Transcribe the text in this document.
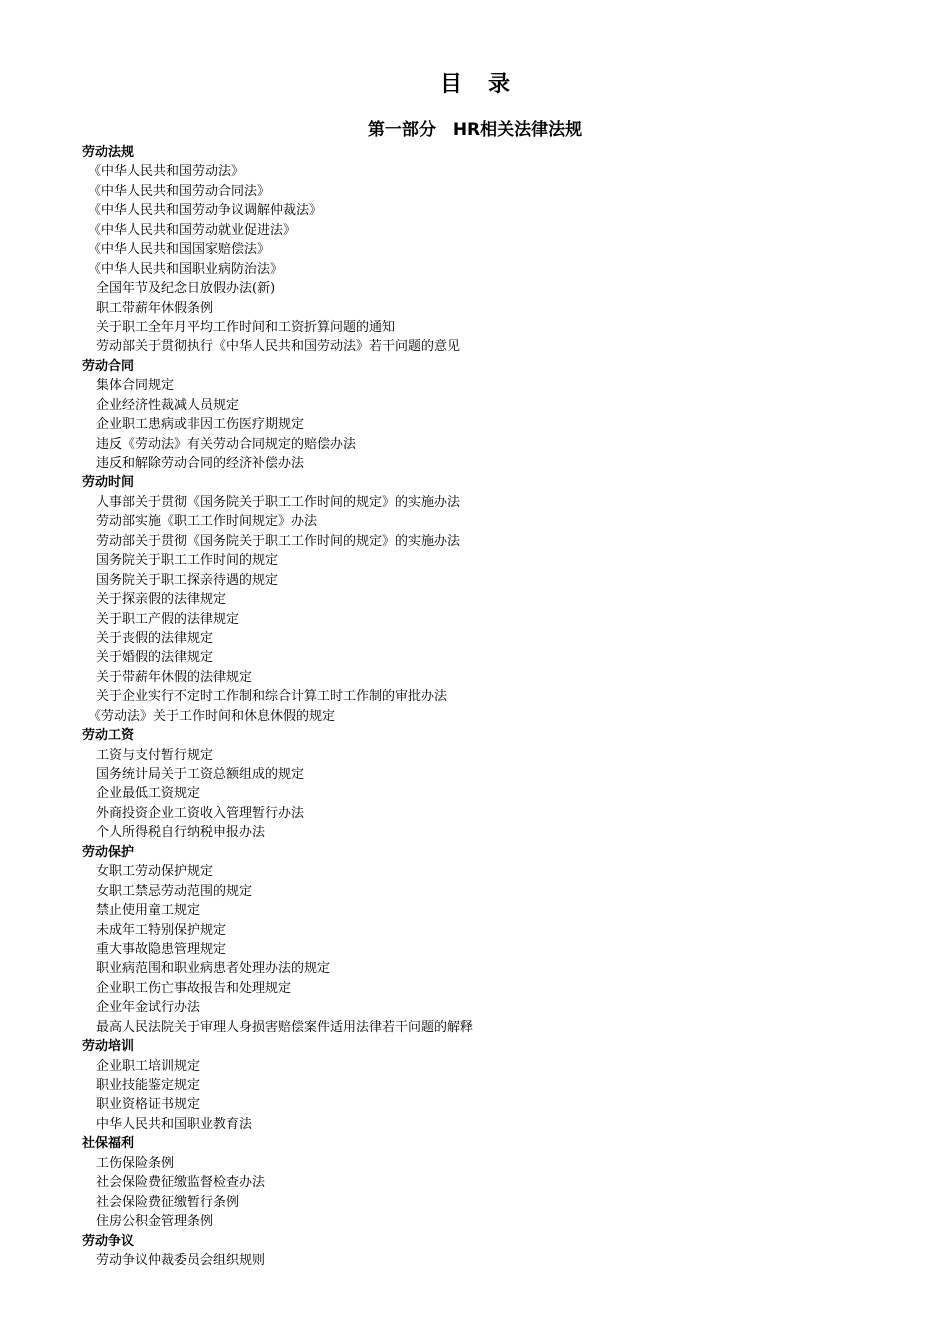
目录
第一部分　HR相关法律法规
劳动法规
《中华人民共和国劳动法》
《中华人民共和国劳动合同法》
《中华人民共和国劳动争议调解仲裁法》
《中华人民共和国劳动就业促进法》
《中华人民共和国国家赔偿法》
《中华人民共和国职业病防治法》
全国年节及纪念日放假办法(新)
职工带薪年休假条例
关于职工全年月平均工作时间和工资折算问题的通知
劳动部关于贯彻执行《中华人民共和国劳动法》若干问题的意见
劳动合同
集体合同规定
企业经济性裁减人员规定
企业职工患病或非因工伤医疗期规定
违反《劳动法》有关劳动合同规定的赔偿办法
违反和解除劳动合同的经济补偿办法
劳动时间
人事部关于贯彻《国务院关于职工工作时间的规定》的实施办法
劳动部实施《职工工作时间规定》办法
劳动部关于贯彻《国务院关于职工工作时间的规定》的实施办法
国务院关于职工工作时间的规定
国务院关于职工探亲待遇的规定
关于探亲假的法律规定
关于职工产假的法律规定
关于丧假的法律规定
关于婚假的法律规定
关于带薪年休假的法律规定
关于企业实行不定时工作制和综合计算工时工作制的审批办法
《劳动法》关于工作时间和休息休假的规定
劳动工资
工资与支付暂行规定
国务统计局关于工资总额组成的规定
企业最低工资规定
外商投资企业工资收入管理暂行办法
个人所得税自行纳税申报办法
劳动保护
女职工劳动保护规定
女职工禁忌劳动范围的规定
禁止使用童工规定
未成年工特别保护规定
重大事故隐患管理规定
职业病范围和职业病患者处理办法的规定
企业职工伤亡事故报告和处理规定
企业年金试行办法
最高人民法院关于审理人身损害赔偿案件适用法律若干问题的解释
劳动培训
企业职工培训规定
职业技能鉴定规定
职业资格证书规定
中华人民共和国职业教育法
社保福利
工伤保险条例
社会保险费征缴监督检查办法
社会保险费征缴暂行条例
住房公积金管理条例
劳动争议
劳动争议仲裁委员会组织规则
